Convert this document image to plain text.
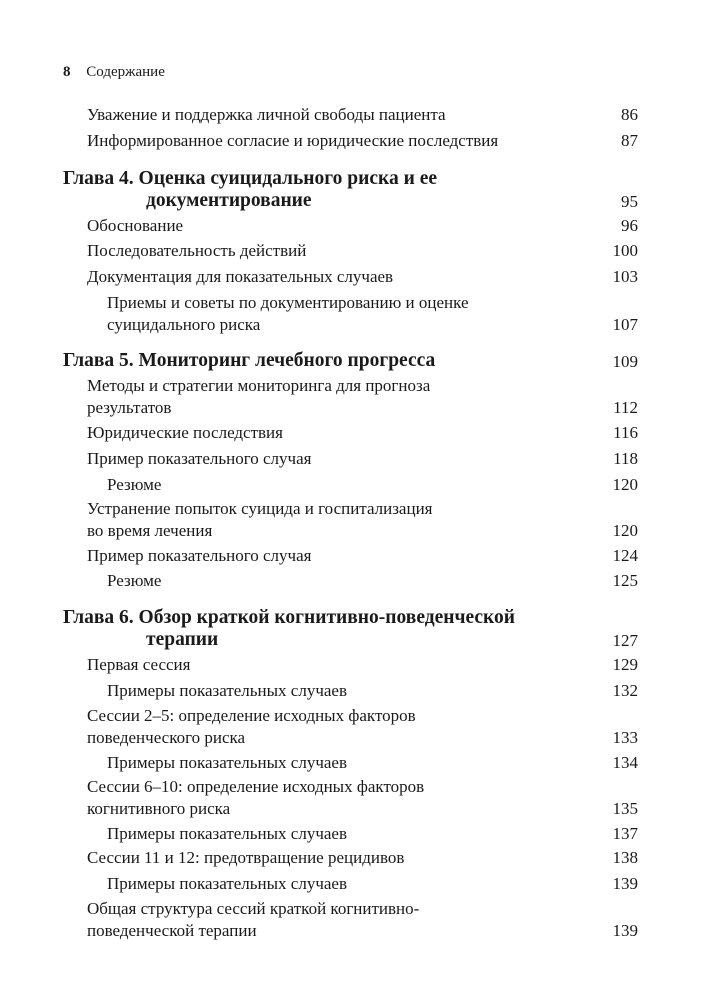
8 Содержание
Уважение и поддержка личной свободы пациента	86
Информированное согласие и юридические последствия	87
Глава 4. Оценка суицидального риска и ее
документирование	95
Обоснование	96
Последовательность действий	100
Документация для показательных случаев	103
Приемы и советы по документированию и оценке
суицидального риска	107
Глава 5. Мониторинг лечебного прогресса	109
Методы и стратегии мониторинга для прогноза
результатов	112
Юридические последствия	116
Пример показательного случая	118
Резюме	120
Устранение попыток суицида и госпитализация
во время лечения	120
Пример показательного случая	124
Резюме	125
Глава 6. Обзор краткой когнитивно-поведенческой
терапии	127
Первая сессия	129
Примеры показательных случаев	132
Сессии 2–5: определение исходных факторов
поведенческого риска	133
Примеры показательных случаев	134
Сессии 6–10: определение исходных факторов
когнитивного риска	135
Примеры показательных случаев	137
Сессии 11 и 12: предотвращение рецидивов	138
Примеры показательных случаев	139
Общая структура сессий краткой когнитивно-
поведенческой терапии	139
